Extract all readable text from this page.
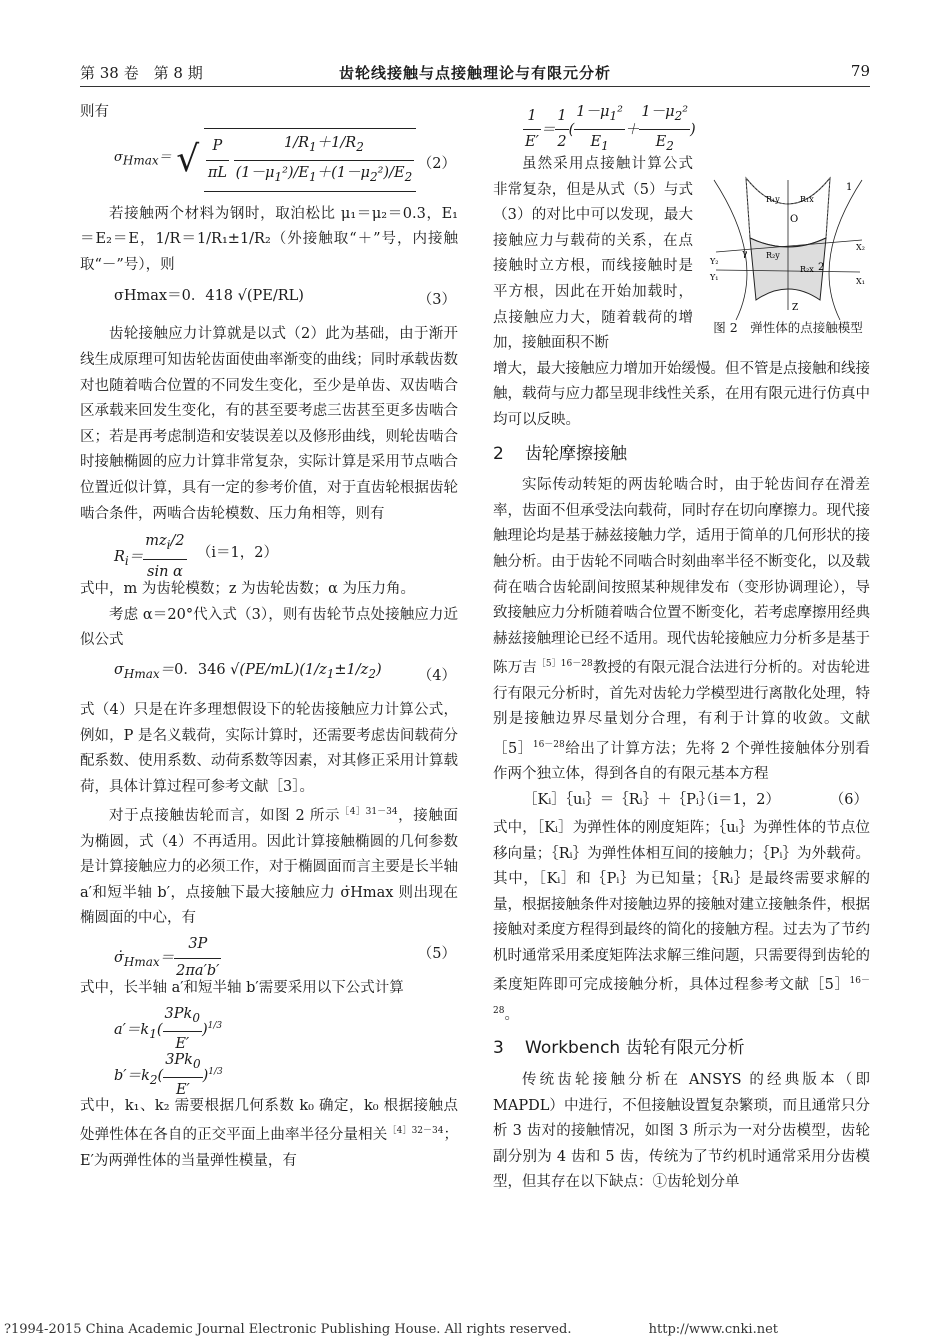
第 38 卷　第 8 期	齿轮线接触与点接触理论与有限元分析	79

则有

$\sigma_{Hmax}=$ √ $\frac{P}{\pi L}$
$\frac{1/R_1+1/R_2}{(1-\mu_1^2)/E_1+(1-\mu_2^2)/E_2} (2)$

若接触两个材料为钢时，取泊松比 μ₁＝μ₂＝0.3，E₁＝E₂＝E，1/R＝1/R₁±1/R₂（外接触取“＋”号，内接触取“－”号），则

σHmax＝0．418 √(PE/RL)	（3）

齿轮接触应力计算就是以式（2）此为基础，由于渐开线生成原理可知齿轮齿面使曲率渐变的曲线；同时承载齿数对也随着啮合位置的不同发生变化，至少是单齿、双齿啮合区承载来回发生变化，有的甚至要考虑三齿甚至更多齿啮合区；若是再考虑制造和安装误差以及修形曲线，则轮齿啮合时接触椭圆的应力计算非常复杂，实际计算是采用节点啮合位置近似计算，具有一定的参考价值，对于直齿轮根据齿轮啮合条件，两啮合齿轮模数、压力角相等，则有

$R_i= \frac{mz_i/2}{\text{sin α}} (i=1$，2）

式中，m 为齿轮模数；z 为齿轮齿数；α 为压力角。

考虑 α＝20°代入式（3），则有齿轮节点处接触应力近似公式

$\sigma_{Hmax}=0$．346 $√(PE/mL)(1/z_1\pm 1/z_2)$ （4）

式（4）只是在许多理想假设下的轮齿接触应力计算公式，例如，P 是名义载荷，实际计算时，还需要考虑齿间载荷分配系数、使用系数、动荷系数等因素，对其修正采用计算载荷，具体计算过程可参考文献［3］。

对于点接触齿轮而言，如图 2 所示$^{[4]31-34}$，接触面为椭圆，式（4）不再适用。因此计算接触椭圆的几何参数是计算接触应力的必须工作，对于椭圆面而言主要是长半轴 a′和短半轴 b′，点接触下最大接触应力 σ̇Hmax 则出现在椭圆面的中心，有

$\sigmȧ_{Hmax}= \frac{3P}{2\pi a'b'}$	（5）

式中，长半轴 a′和短半轴 b′需要采用以下公式计算

$a'=k_1( \frac{3Pk_0}{E'} )^{1/3}$
$b'=k_2( \frac{3Pk_0}{E'} )^{1/3}$

式中，k₁、k₂ 需要根据几何系数 k₀ 确定，k₀ 根据接触点处弹性体在各自的正交平面上曲率半径分量相关$^{[4]32-34}$；E′为两弹性体的当量弹性模量，有

$\frac{1}{E'} = \frac{1}{2}$ ( $\frac{1-\mu_1^2}{E_1} + \frac{1-\mu_2^2}{E_2}$ )

虽然采用点接触计算公式非常复杂，但是从式（5）与式（3）的对比中可以发现，最大接触应力与载荷的关系，在点接触时立方根，而线接触时是平方根，因此在开始加载时，点接触应力大，随着载荷的增加，接触面积不断

增大，最大接触应力增加开始缓慢。但不管是点接触和线接触，载荷与应力都呈现非线性关系，在用有限元进行仿真中均可以反映。

2 齿轮摩擦接触

实际传动转矩的两齿轮啮合时，由于轮齿间存在滑差率，齿面不但承受法向载荷，同时存在切向摩擦力。现代接触理论均是基于赫兹接触力学，适用于简单的几何形状的接触分析。由于齿轮不同啮合时刻曲率半径不断变化，以及载荷在啮合齿轮副间按照某种规律发布（变形协调理论），导致接触应力分析随着啮合位置不断变化，若考虑摩擦用经典赫兹接触理论已经不适用。现代齿轮接触应力分析多是基于陈万吉$^{[5]16-28}$教授的有限元混合法进行分析的。对齿轮进行有限元分析时，首先对齿轮力学模型进行离散化处理，特别是接触边界尽量划分合理，有利于计算的收敛。文献［5］$^{16-28}$给出了计算方法；先将 2 个弹性接触体分别看作两个独立体，得到各自的有限元基本方程

［Kᵢ］｛uᵢ｝＝｛Rᵢ｝＋｛Pᵢ｝
（i＝1，2）	（6）

式中，［Kᵢ］为弹性体的刚度矩阵；｛uᵢ｝为弹性体的节点位移向量；｛Rᵢ｝为弹性体相互间的接触力；｛Pᵢ｝为外载荷。其中，［Kᵢ］和｛Pᵢ｝为已知量；｛Rᵢ｝是最终需要求解的量，根据接触条件对接触边界的接触对建立接触条件，根据接触对柔度方程得到最终的简化的接触方程。过去为了节约机时通常采用柔度矩阵法求解三维问题，只需要得到齿轮的柔度矩阵即可完成接触分析，具体过程参考文献［5］$^{16-28}$。

3 Workbench 齿轮有限元分析

传统齿轮接触分析在 ANSYS 的经典版本（即 MAPDL）中进行，不但接触设置复杂繁琐，而且通常只分析 3 齿对的接触情况，如图 3 所示为一对分齿模型，齿轮副分别为 4 齿和 5 齿，传统为了节约机时通常采用分齿模型，但其存在以下缺点：①齿轮划分单

1
2
O
R₁y	R₁x
R₂y
R₂x
X₂
X₁
Y₂
Y₁
γ
Z
图 2　弹性体的点接触模型
?1994-2015 China Academic Journal Electronic Publishing House. All rights reserved.	http://www.cnki.net
